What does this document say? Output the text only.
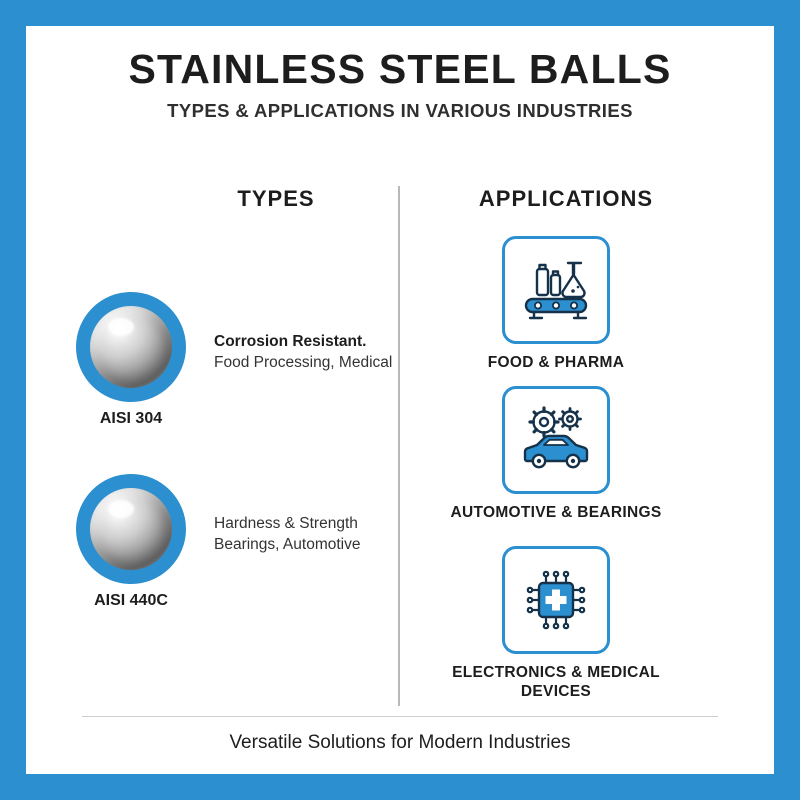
STAINLESS STEEL BALLS
TYPES & APPLICATIONS IN VARIOUS INDUSTRIES
TYPES	APPLICATIONS
AISI 304
Corrosion Resistant.
Food Processing, Medical
AISI 440C
Hardness & Strength
Bearings, Automotive
FOOD & PHARMA
AUTOMOTIVE & BEARINGS
ELECTRONICS & MEDICAL DEVICES
Versatile Solutions for Modern Industries
